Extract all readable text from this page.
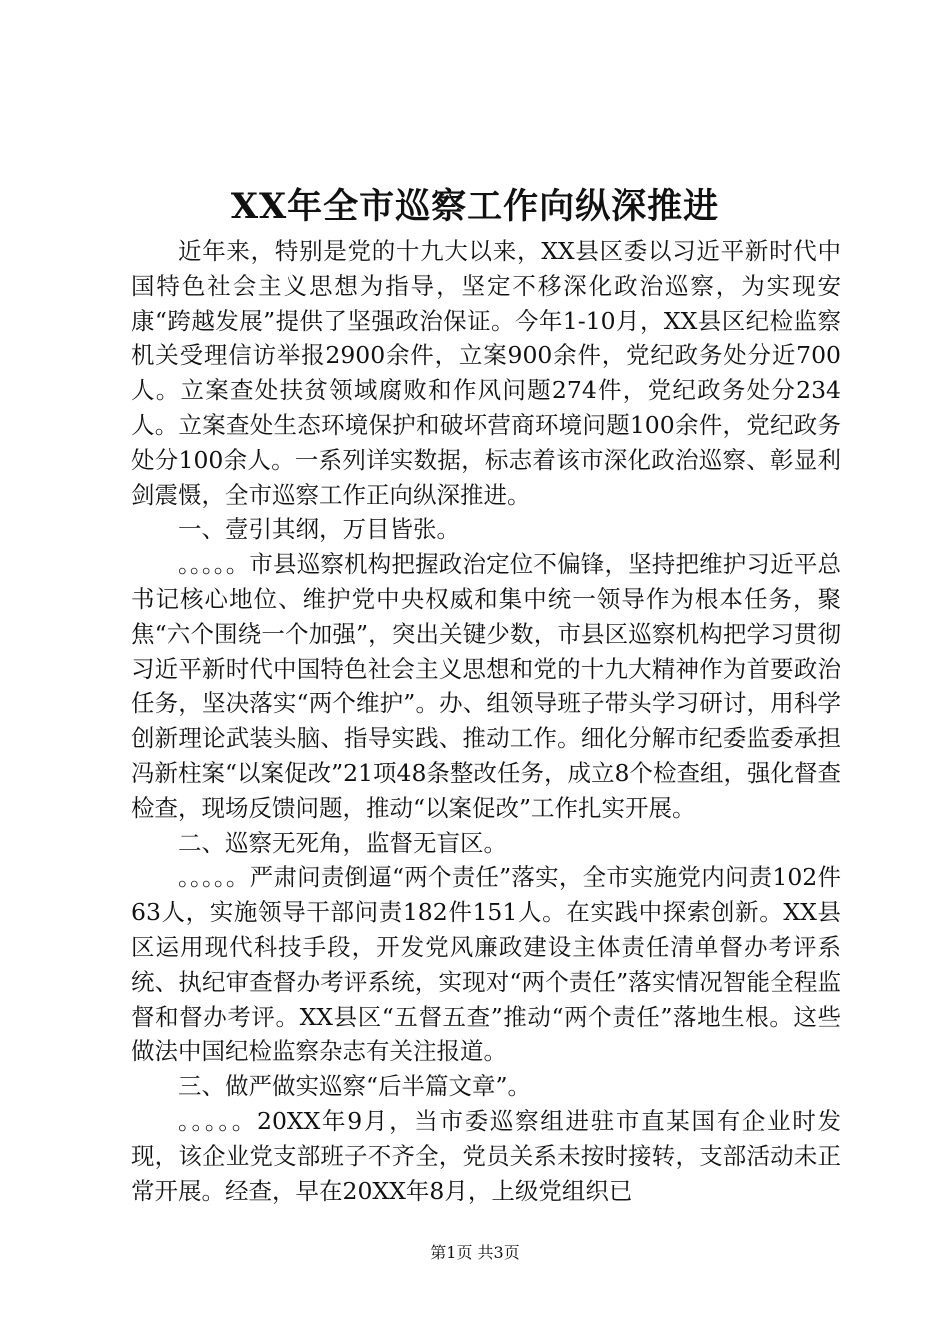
XX年全市巡察工作向纵深推进

近年来，特别是党的十九大以来，XX县区委以习近平新时代中国特色社会主义思想为指导，坚定不移深化政治巡察，为实现安康“跨越发展”提供了坚强政治保证。今年1-10月，XX县区纪检监察机关受理信访举报2900余件，立案900余件，党纪政务处分近700人。立案查处扶贫领域腐败和作风问题274件，党纪政务处分234人。立案查处生态环境保护和破坏营商环境问题100余件，党纪政务处分100余人。一系列详实数据，标志着该市深化政治巡察、彰显利剑震慑，全市巡察工作正向纵深推进。

一、壹引其纲，万目皆张。

。。。。。市县巡察机构把握政治定位不偏锋，坚持把维护习近平总书记核心地位、维护党中央权威和集中统一领导作为根本任务，聚焦“六个围绕一个加强”，突出关键少数，市县区巡察机构把学习贯彻习近平新时代中国特色社会主义思想和党的十九大精神作为首要政治任务，坚决落实“两个维护”。办、组领导班子带头学习研讨，用科学创新理论武装头脑、指导实践、推动工作。细化分解市纪委监委承担冯新柱案“以案促改”21项48条整改任务，成立8个检查组，强化督查检查，现场反馈问题，推动“以案促改”工作扎实开展。

二、巡察无死角，监督无盲区。

。。。。。严肃问责倒逼“两个责任”落实，全市实施党内问责102件63人，实施领导干部问责182件151人。在实践中探索创新。XX县区运用现代科技手段，开发党风廉政建设主体责任清单督办考评系统、执纪审查督办考评系统，实现对“两个责任”落实情况智能全程监督和督办考评。XX县区“五督五查”推动“两个责任”落地生根。这些做法中国纪检监察杂志有关注报道。

三、做严做实巡察“后半篇文章”。

。。。。。20XX年9月，当市委巡察组进驻市直某国有企业时发现，该企业党支部班子不齐全，党员关系未按时接转，支部活动未正常开展。经查，早在20XX年8月，上级党组织已

第1页 共3页
